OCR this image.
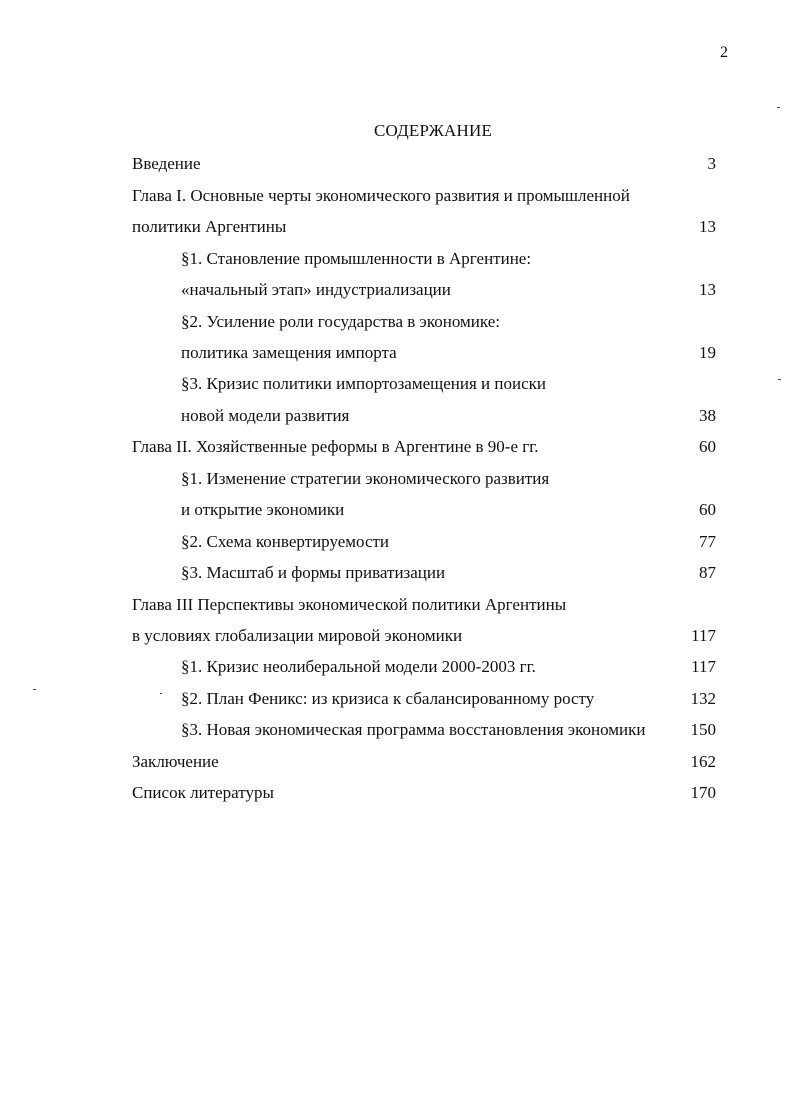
2
СОДЕРЖАНИЕ
Введение	3
Глава I. Основные черты экономического развития и промышленной
политики Аргентины	13
§1. Становление промышленности в Аргентине:
«начальный этап» индустриализации	13
§2. Усиление роли государства в экономике:
политика замещения импорта	19
§3. Кризис политики импортозамещения и поиски
новой модели развития	38
Глава II. Хозяйственные реформы в Аргентине в 90-е гг.	60
§1. Изменение стратегии экономического развития
и открытие экономики	60
§2. Схема конвертируемости	77
§3. Масштаб и формы приватизации	87
Глава III Перспективы экономической политики Аргентины
в условиях глобализации мировой экономики	117
§1. Кризис неолиберальной модели 2000-2003 гг.	117
§2. План Феникс: из кризиса к сбалансированному росту	132
§3. Новая экономическая программа восстановления экономики	150
Заключение	162
Список литературы	170
